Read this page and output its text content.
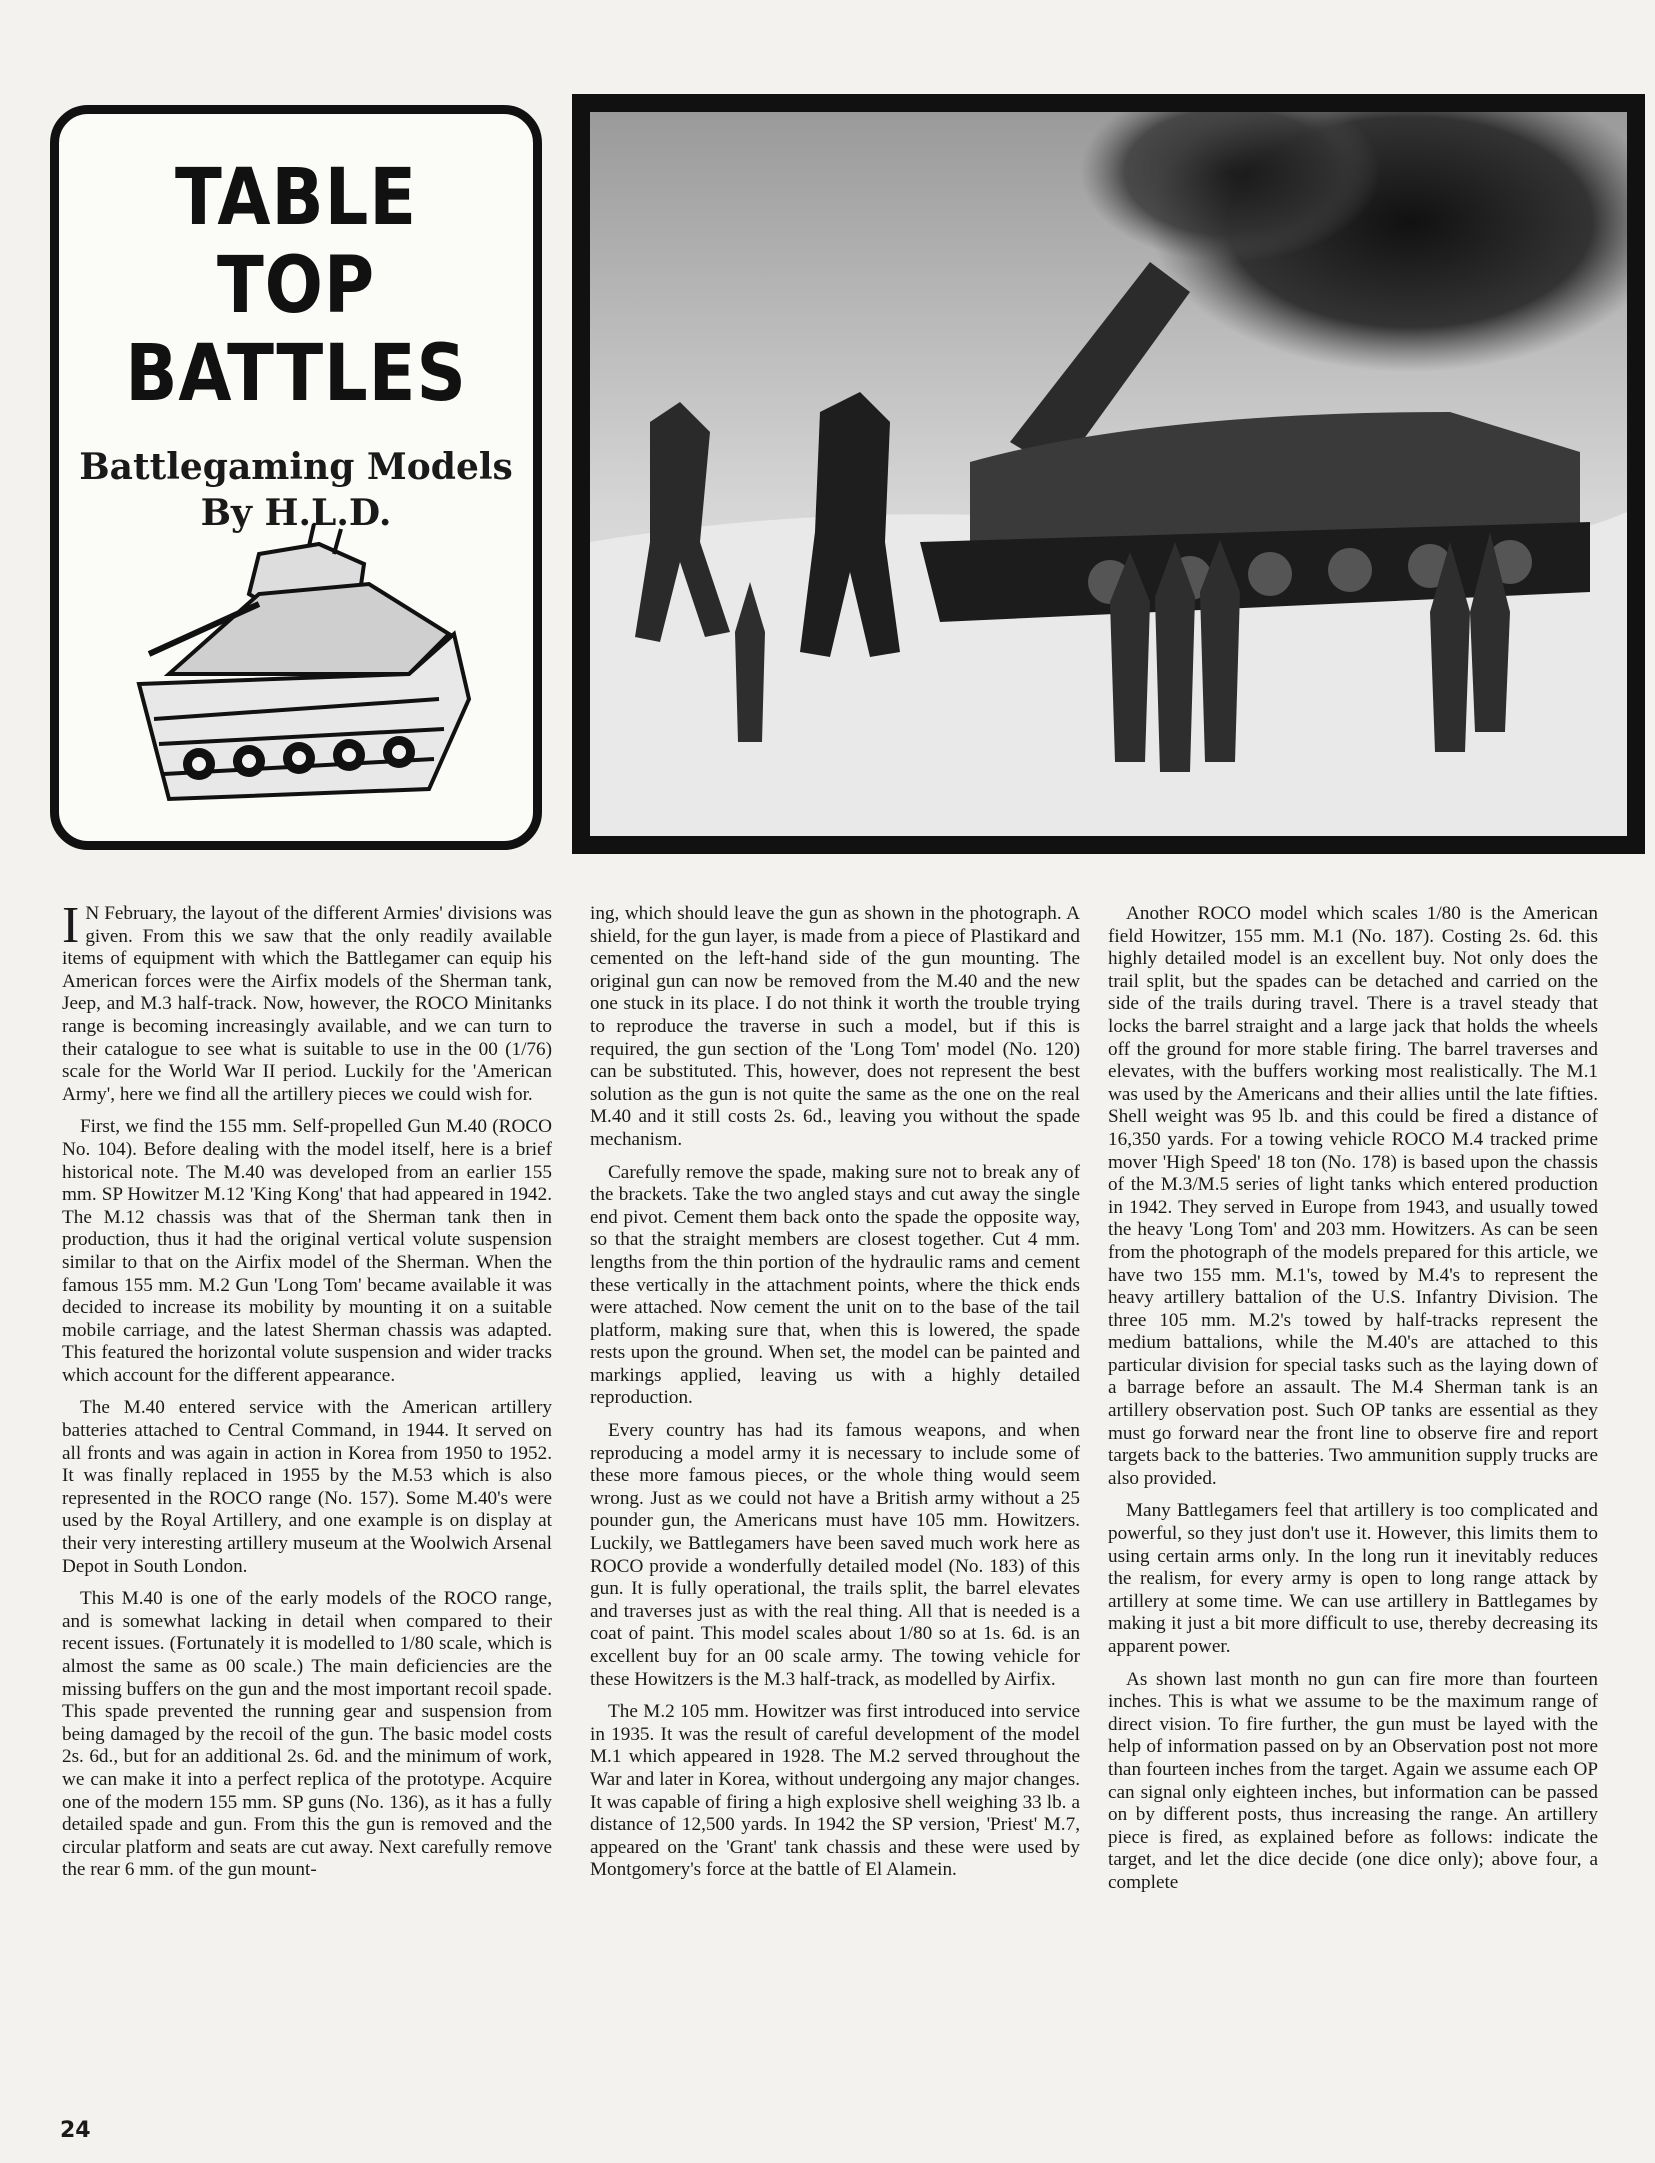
TABLE
TOP
BATTLES
Battlegaming Models
By H.L.D.

I N February, the layout of the different Armies' divisions was given. From this we saw that the only readily available items of equipment with which the Battlegamer can equip his American forces were the Airfix models of the Sherman tank, Jeep, and M.3 half-track. Now, however, the ROCO Minitanks range is becoming increasingly available, and we can turn to their catalogue to see what is suitable to use in the 00 (1/76) scale for the World War II period. Luckily for the 'American Army', here we find all the artillery pieces we could wish for.

First, we find the 155 mm. Self-propelled Gun M.40 (ROCO No. 104). Before dealing with the model itself, here is a brief historical note. The M.40 was developed from an earlier 155 mm. SP Howitzer M.12 'King Kong' that had appeared in 1942. The M.12 chassis was that of the Sherman tank then in production, thus it had the original vertical volute suspension similar to that on the Airfix model of the Sherman. When the famous 155 mm. M.2 Gun 'Long Tom' became available it was decided to increase its mobility by mounting it on a suitable mobile carriage, and the latest Sherman chassis was adapted. This featured the horizontal volute suspension and wider tracks which account for the different appearance.

The M.40 entered service with the American artillery batteries attached to Central Command, in 1944. It served on all fronts and was again in action in Korea from 1950 to 1952. It was finally replaced in 1955 by the M.53 which is also represented in the ROCO range (No. 157). Some M.40's were used by the Royal Artillery, and one example is on display at their very interesting artillery museum at the Woolwich Arsenal Depot in South London.

This M.40 is one of the early models of the ROCO range, and is somewhat lacking in detail when compared to their recent issues. (Fortunately it is modelled to 1/80 scale, which is almost the same as 00 scale.) The main deficiencies are the missing buffers on the gun and the most important recoil spade. This spade prevented the running gear and suspension from being damaged by the recoil of the gun. The basic model costs 2s. 6d., but for an additional 2s. 6d. and the minimum of work, we can make it into a perfect replica of the prototype. Acquire one of the modern 155 mm. SP guns (No. 136), as it has a fully detailed spade and gun. From this the gun is removed and the circular platform and seats are cut away. Next carefully remove the rear 6 mm. of the gun mount-

ing, which should leave the gun as shown in the photograph. A shield, for the gun layer, is made from a piece of Plastikard and cemented on the left-hand side of the gun mounting. The original gun can now be removed from the M.40 and the new one stuck in its place. I do not think it worth the trouble trying to reproduce the traverse in such a model, but if this is required, the gun section of the 'Long Tom' model (No. 120) can be substituted. This, however, does not represent the best solution as the gun is not quite the same as the one on the real M.40 and it still costs 2s. 6d., leaving you without the spade mechanism.

Carefully remove the spade, making sure not to break any of the brackets. Take the two angled stays and cut away the single end pivot. Cement them back onto the spade the opposite way, so that the straight members are closest together. Cut 4 mm. lengths from the thin portion of the hydraulic rams and cement these vertically in the attachment points, where the thick ends were attached. Now cement the unit on to the base of the tail platform, making sure that, when this is lowered, the spade rests upon the ground. When set, the model can be painted and markings applied, leaving us with a highly detailed reproduction.

Every country has had its famous weapons, and when reproducing a model army it is necessary to include some of these more famous pieces, or the whole thing would seem wrong. Just as we could not have a British army without a 25 pounder gun, the Americans must have 105 mm. Howitzers. Luckily, we Battlegamers have been saved much work here as ROCO provide a wonderfully detailed model (No. 183) of this gun. It is fully operational, the trails split, the barrel elevates and traverses just as with the real thing. All that is needed is a coat of paint. This model scales about 1/80 so at 1s. 6d. is an excellent buy for an 00 scale army. The towing vehicle for these Howitzers is the M.3 half-track, as modelled by Airfix.

The M.2 105 mm. Howitzer was first introduced into service in 1935. It was the result of careful development of the model M.1 which appeared in 1928. The M.2 served throughout the War and later in Korea, without undergoing any major changes. It was capable of firing a high explosive shell weighing 33 lb. a distance of 12,500 yards. In 1942 the SP version, 'Priest' M.7, appeared on the 'Grant' tank chassis and these were used by Montgomery's force at the battle of El Alamein.

Another ROCO model which scales 1/80 is the American field Howitzer, 155 mm. M.1 (No. 187). Costing 2s. 6d. this highly detailed model is an excellent buy. Not only does the trail split, but the spades can be detached and carried on the side of the trails during travel. There is a travel steady that locks the barrel straight and a large jack that holds the wheels off the ground for more stable firing. The barrel traverses and elevates, with the buffers working most realistically. The M.1 was used by the Americans and their allies until the late fifties. Shell weight was 95 lb. and this could be fired a distance of 16,350 yards. For a towing vehicle ROCO M.4 tracked prime mover 'High Speed' 18 ton (No. 178) is based upon the chassis of the M.3/M.5 series of light tanks which entered production in 1942. They served in Europe from 1943, and usually towed the heavy 'Long Tom' and 203 mm. Howitzers. As can be seen from the photograph of the models prepared for this article, we have two 155 mm. M.1's, towed by M.4's to represent the heavy artillery battalion of the U.S. Infantry Division. The three 105 mm. M.2's towed by half-tracks represent the medium battalions, while the M.40's are attached to this particular division for special tasks such as the laying down of a barrage before an assault. The M.4 Sherman tank is an artillery observation post. Such OP tanks are essential as they must go forward near the front line to observe fire and report targets back to the batteries. Two ammunition supply trucks are also provided.

Many Battlegamers feel that artillery is too complicated and powerful, so they just don't use it. However, this limits them to using certain arms only. In the long run it inevitably reduces the realism, for every army is open to long range attack by artillery at some time. We can use artillery in Battlegames by making it just a bit more difficult to use, thereby decreasing its apparent power.

As shown last month no gun can fire more than fourteen inches. This is what we assume to be the maximum range of direct vision. To fire further, the gun must be layed with the help of information passed on by an Observation post not more than fourteen inches from the target. Again we assume each OP can signal only eighteen inches, but information can be passed on by different posts, thus increasing the range. An artillery piece is fired, as explained before as follows: indicate the target, and let the dice decide (one dice only); above four, a complete

24
